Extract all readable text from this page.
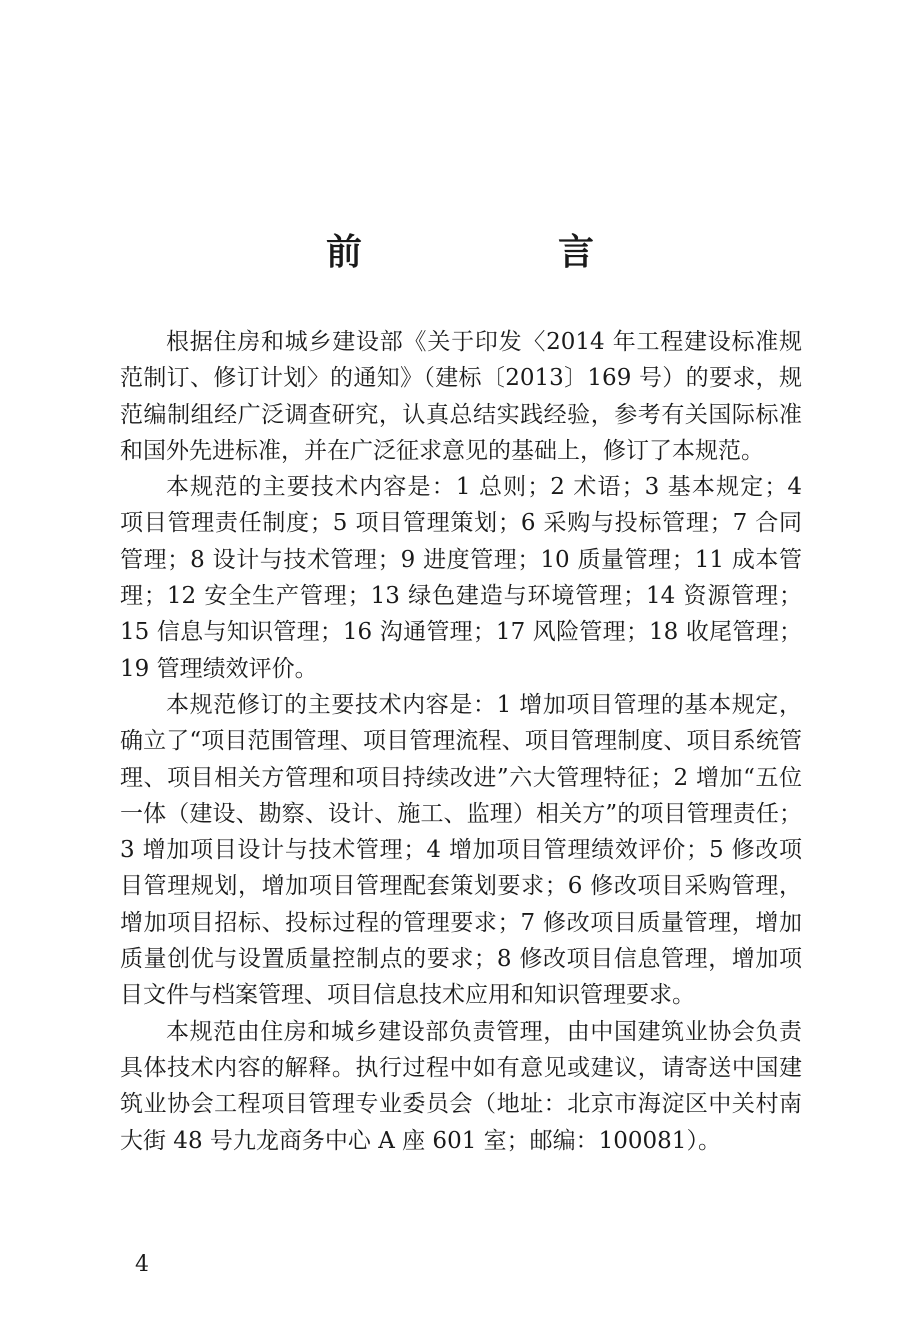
前　言

根据住房和城乡建设部《关于印发〈2014 年工程建设标准规范制订、修订计划〉的通知》（建标〔2013〕169 号）的要求，规范编制组经广泛调查研究，认真总结实践经验，参考有关国际标准和国外先进标准，并在广泛征求意见的基础上，修订了本规范。

本规范的主要技术内容是：1 总则；2 术语；3 基本规定；4 项目管理责任制度；5 项目管理策划；6 采购与投标管理；7 合同管理；8 设计与技术管理；9 进度管理；10 质量管理；11 成本管理；12 安全生产管理；13 绿色建造与环境管理；14 资源管理；15 信息与知识管理；16 沟通管理；17 风险管理；18 收尾管理；19 管理绩效评价。

本规范修订的主要技术内容是：1 增加项目管理的基本规定，确立了“项目范围管理、项目管理流程、项目管理制度、项目系统管理、项目相关方管理和项目持续改进”六大管理特征；2 增加“五位一体（建设、勘察、设计、施工、监理）相关方”的项目管理责任；3 增加项目设计与技术管理；4 增加项目管理绩效评价；5 修改项目管理规划，增加项目管理配套策划要求；6 修改项目采购管理，增加项目招标、投标过程的管理要求；7 修改项目质量管理，增加质量创优与设置质量控制点的要求；8 修改项目信息管理，增加项目文件与档案管理、项目信息技术应用和知识管理要求。

本规范由住房和城乡建设部负责管理，由中国建筑业协会负责具体技术内容的解释。执行过程中如有意见或建议，请寄送中国建筑业协会工程项目管理专业委员会（地址：北京市海淀区中关村南大街 48 号九龙商务中心 A 座 601 室；邮编：100081）。

4
